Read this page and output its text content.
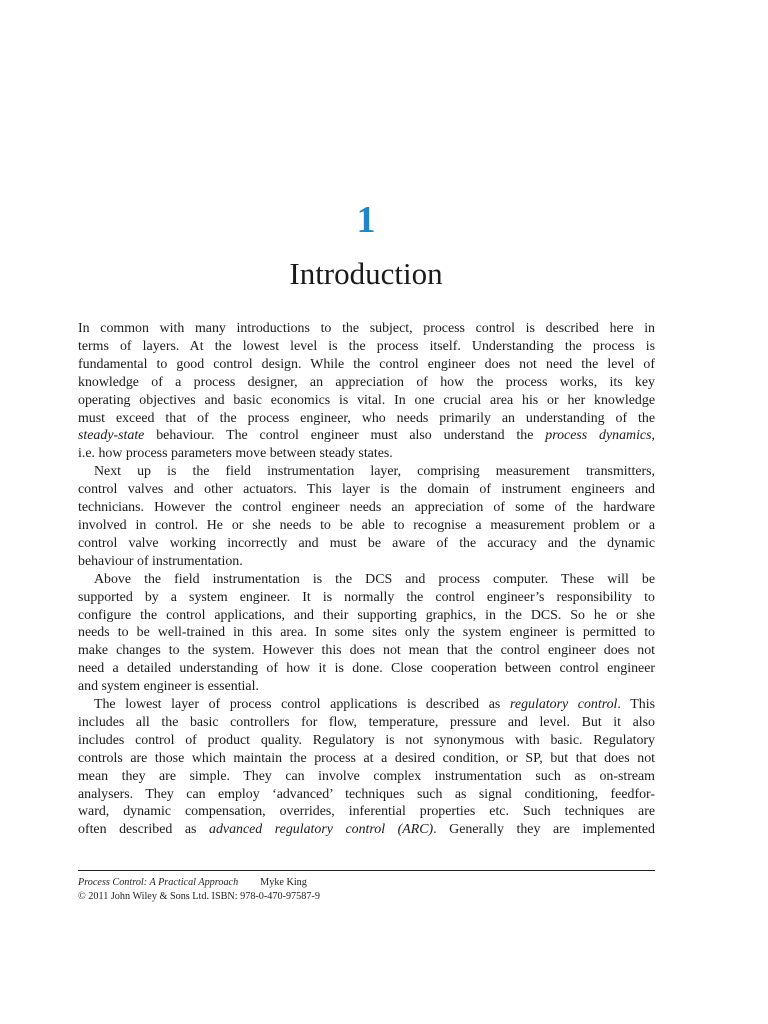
1
Introduction
In common with many introductions to the subject, process control is described here in
terms of layers. At the lowest level is the process itself. Understanding the process is
fundamental to good control design. While the control engineer does not need the level of
knowledge of a process designer, an appreciation of how the process works, its key
operating objectives and basic economics is vital. In one crucial area his or her knowledge
must exceed that of the process engineer, who needs primarily an understanding of the
steady-state behaviour. The control engineer must also understand the process dynamics,
i.e. how process parameters move between steady states.
Next up is the field instrumentation layer, comprising measurement transmitters,
control valves and other actuators. This layer is the domain of instrument engineers and
technicians. However the control engineer needs an appreciation of some of the hardware
involved in control. He or she needs to be able to recognise a measurement problem or a
control valve working incorrectly and must be aware of the accuracy and the dynamic
behaviour of instrumentation.
Above the field instrumentation is the DCS and process computer. These will be
supported by a system engineer. It is normally the control engineer’s responsibility to
configure the control applications, and their supporting graphics, in the DCS. So he or she
needs to be well-trained in this area. In some sites only the system engineer is permitted to
make changes to the system. However this does not mean that the control engineer does not
need a detailed understanding of how it is done. Close cooperation between control engineer
and system engineer is essential.
The lowest layer of process control applications is described as regulatory control. This
includes all the basic controllers for flow, temperature, pressure and level. But it also
includes control of product quality. Regulatory is not synonymous with basic. Regulatory
controls are those which maintain the process at a desired condition, or SP, but that does not
mean they are simple. They can involve complex instrumentation such as on-stream
analysers. They can employ ‘advanced’ techniques such as signal conditioning, feedfor-
ward, dynamic compensation, overrides, inferential properties etc. Such techniques are
often described as advanced regulatory control (ARC). Generally they are implemented
Process Control: A Practical Approach Myke King
© 2011 John Wiley & Sons Ltd. ISBN: 978-0-470-97587-9
